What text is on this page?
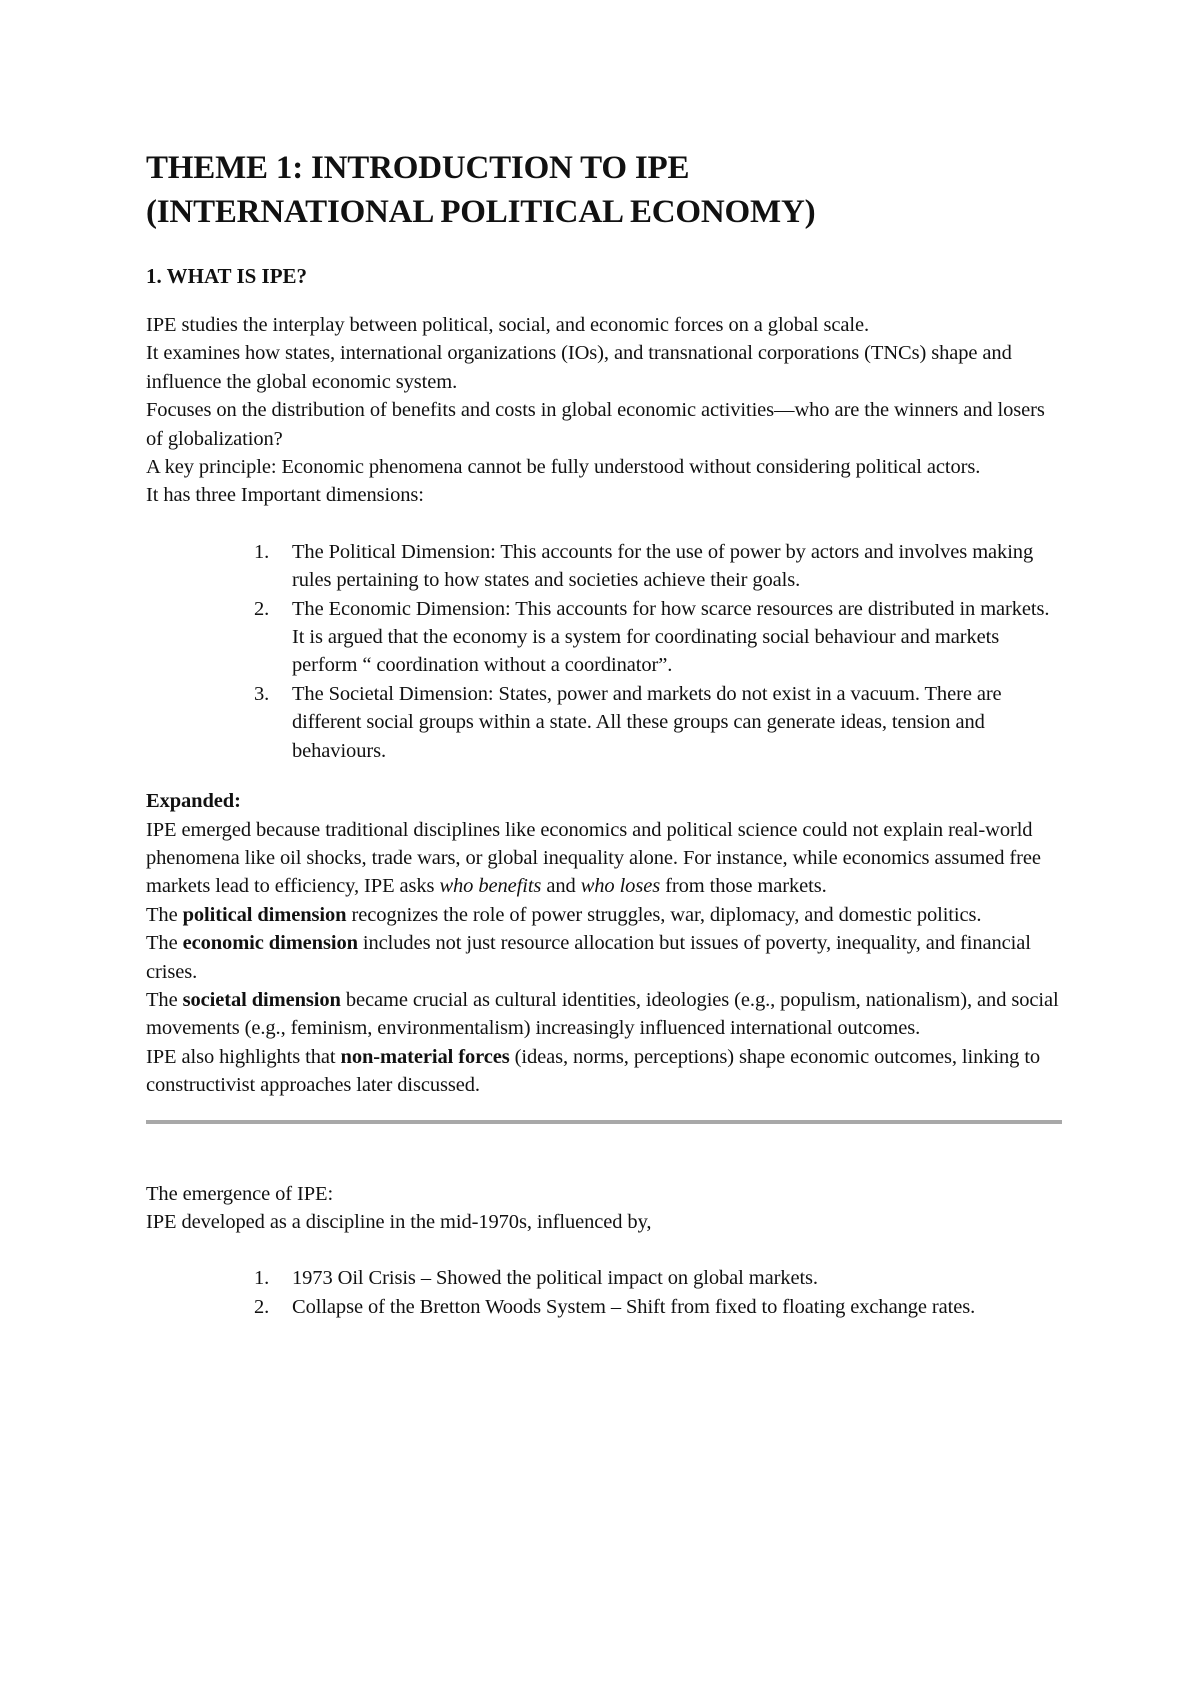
THEME 1: INTRODUCTION TO IPE
(INTERNATIONAL POLITICAL ECONOMY)
1. WHAT IS IPE?

IPE studies the interplay between political, social, and economic forces on a global scale.

It examines how states, international organizations (IOs), and transnational corporations (TNCs) shape and influence the global economic system.

Focuses on the distribution of benefits and costs in global economic activities—who are the winners and losers of globalization?

A key principle: Economic phenomena cannot be fully understood without considering political actors.

It has three Important dimensions:

1. The Political Dimension: This accounts for the use of power by actors and involves making rules pertaining to how states and societies achieve their goals.
2. The Economic Dimension: This accounts for how scarce resources are distributed in markets. It is argued that the economy is a system for coordinating social behaviour and markets perform “ coordination without a coordinator”.
3. The Societal Dimension: States, power and markets do not exist in a vacuum. There are different social groups within a state. All these groups can generate ideas, tension and behaviours.

Expanded:

IPE emerged because traditional disciplines like economics and political science could not explain real-world phenomena like oil shocks, trade wars, or global inequality alone. For instance, while economics assumed free markets lead to efficiency, IPE asks who benefits and who loses from those markets.

The political dimension recognizes the role of power struggles, war, diplomacy, and domestic politics.

The economic dimension includes not just resource allocation but issues of poverty, inequality, and financial crises.

The societal dimension became crucial as cultural identities, ideologies (e.g., populism, nationalism), and social movements (e.g., feminism, environmentalism) increasingly influenced international outcomes.

IPE also highlights that non-material forces (ideas, norms, perceptions) shape economic outcomes, linking to constructivist approaches later discussed.

The emergence of IPE:

IPE developed as a discipline in the mid-1970s, influenced by,

1. 1973 Oil Crisis – Showed the political impact on global markets.
2. Collapse of the Bretton Woods System – Shift from fixed to floating exchange rates.
